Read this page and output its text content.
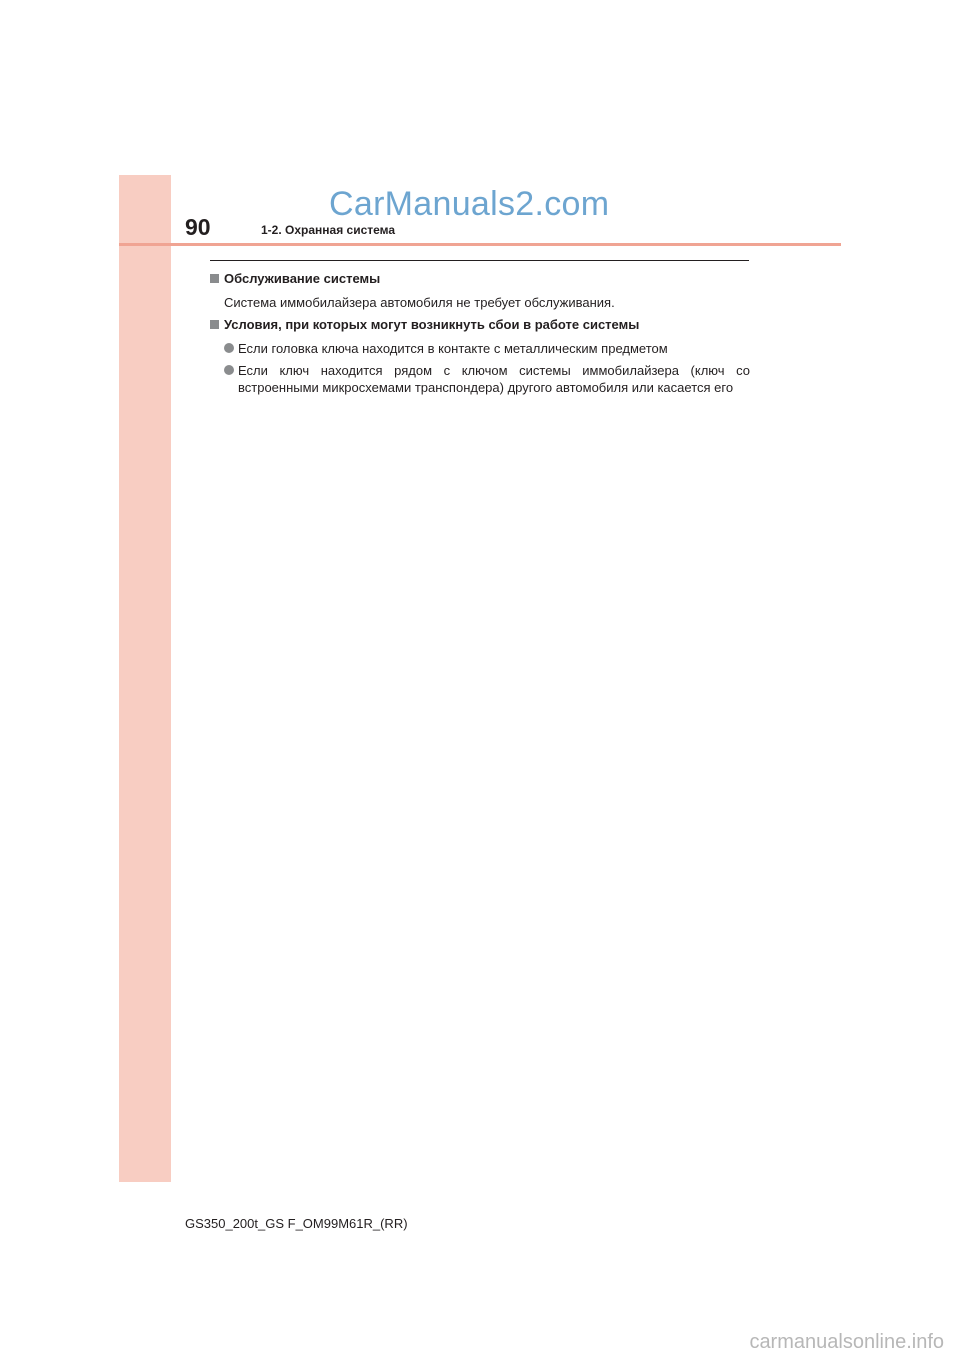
90	1-2. Охранная система
CarManuals2.com
Обслуживание системы
Система иммобилайзера автомобиля не требует обслуживания.
Условия, при которых могут возникнуть сбои в работе системы
Если головка ключа находится в контакте с металлическим предметом
Если ключ находится рядом с ключом системы иммобилайзера (ключ со встроенными микросхемами транспондера) другого автомобиля или касается его
GS350_200t_GS F_OM99M61R_(RR)
carmanualsonline.info
